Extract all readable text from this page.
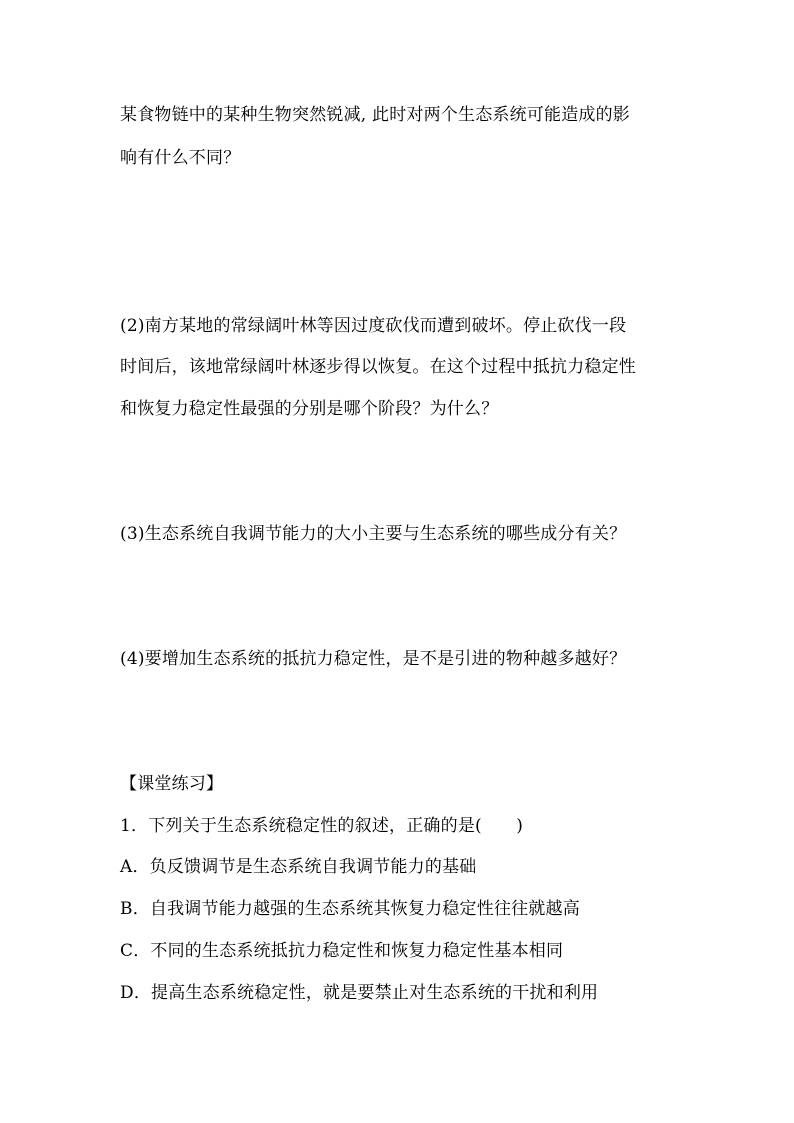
某食物链中的某种生物突然锐减, 此时对两个生态系统可能造成的影
响有什么不同？
(2)南方某地的常绿阔叶林等因过度砍伐而遭到破坏。停止砍伐一段
时间后，该地常绿阔叶林逐步得以恢复。在这个过程中抵抗力稳定性
和恢复力稳定性最强的分别是哪个阶段？为什么？
(3)生态系统自我调节能力的大小主要与生态系统的哪些成分有关？
(4)要增加生态系统的抵抗力稳定性，是不是引进的物种越多越好？
【课堂练习】
1．下列关于生态系统稳定性的叙述，正确的是(　　)
A．负反馈调节是生态系统自我调节能力的基础
B．自我调节能力越强的生态系统其恢复力稳定性往往就越高
C．不同的生态系统抵抗力稳定性和恢复力稳定性基本相同
D．提高生态系统稳定性，就是要禁止对生态系统的干扰和利用
